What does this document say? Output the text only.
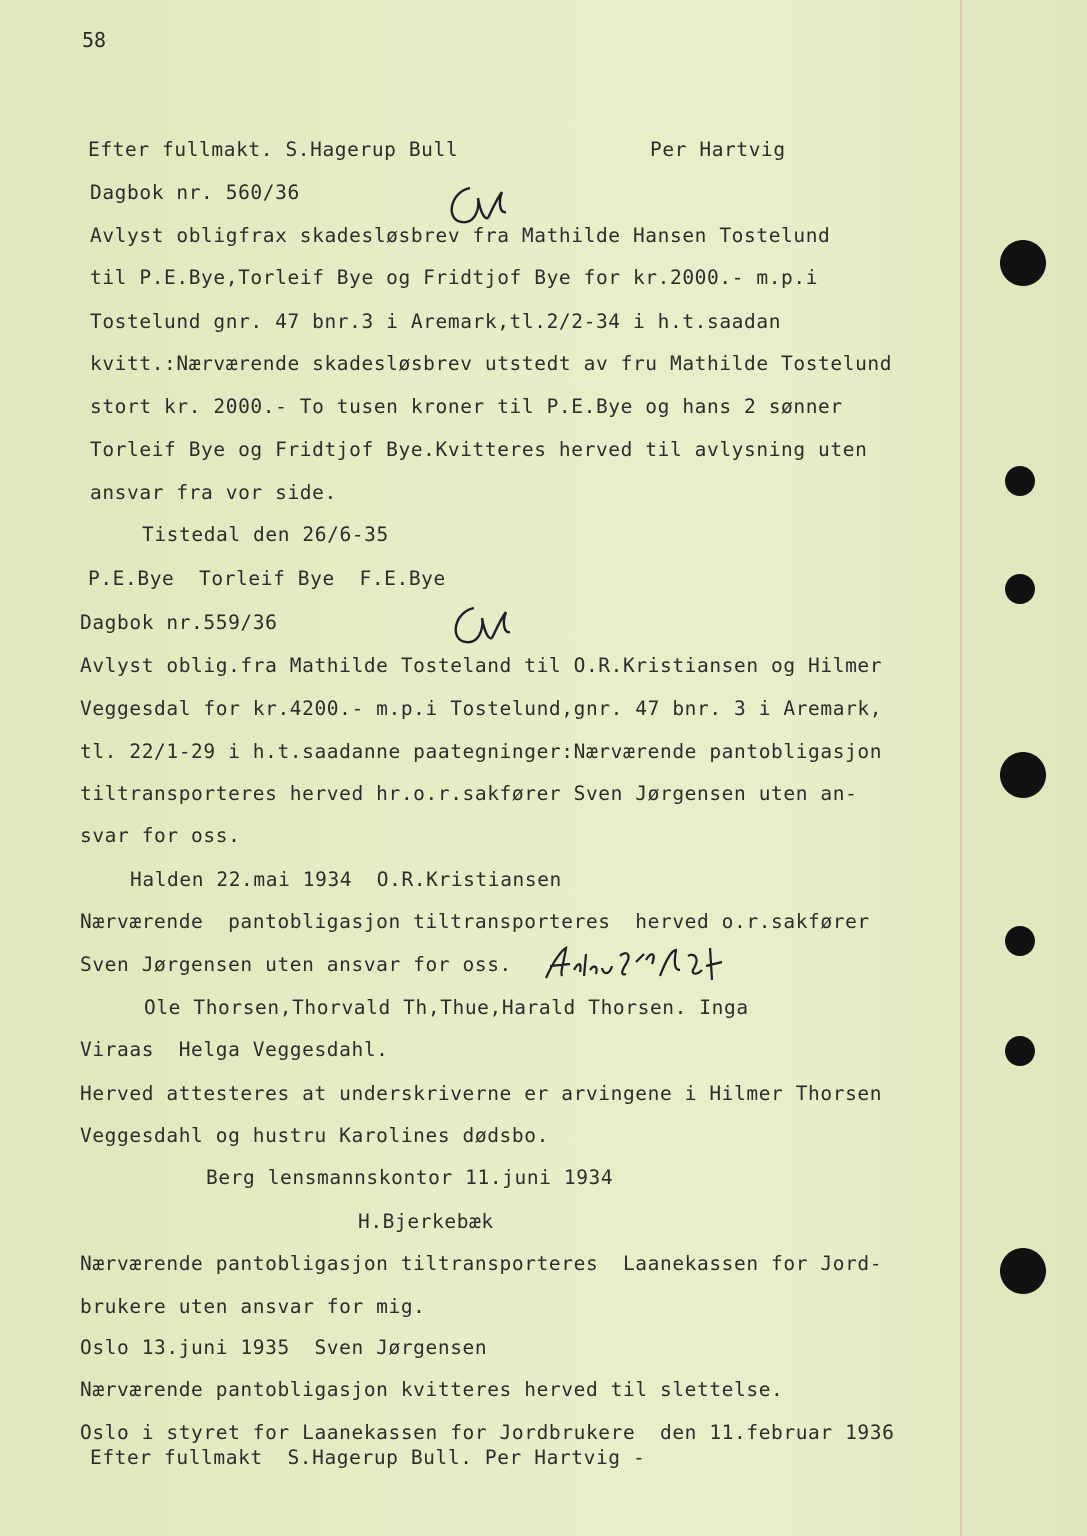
58
Efter fullmakt. S.Hagerup Bull	Per Hartvig
Dagbok nr. 560/36
Avlyst obligfrax skadesløsbrev fra Mathilde Hansen Tostelund
til P.E.Bye,Torleif Bye og Fridtjof Bye for kr.2000.- m.p.i
Tostelund gnr. 47 bnr.3 i Aremark,tl.2/2-34 i h.t.saadan
kvitt.:Nærværende skadesløsbrev utstedt av fru Mathilde Tostelund
stort kr. 2000.- To tusen kroner til P.E.Bye og hans 2 sønner
Torleif Bye og Fridtjof Bye.Kvitteres herved til avlysning uten
ansvar fra vor side.
Tistedal den 26/6-35
P.E.Bye  Torleif Bye  F.E.Bye
Dagbok nr.559/36
Avlyst oblig.fra Mathilde Tosteland til O.R.Kristiansen og Hilmer
Veggesdal for kr.4200.- m.p.i Tostelund,gnr. 47 bnr. 3 i Aremark,
tl. 22/1-29 i h.t.saadanne paategninger:Nærværende pantobligasjon
tiltransporteres herved hr.o.r.sakfører Sven Jørgensen uten an-
svar for oss.
Halden 22.mai 1934  O.R.Kristiansen
Nærværende  pantobligasjon tiltransporteres  herved o.r.sakfører
Sven Jørgensen uten ansvar for oss.
Ole Thorsen,Thorvald Th,Thue,Harald Thorsen. Inga
Viraas  Helga Veggesdahl.
Herved attesteres at underskriverne er arvingene i Hilmer Thorsen
Veggesdahl og hustru Karolines dødsbo.
Berg lensmannskontor 11.juni 1934
H.Bjerkebæk
Nærværende pantobligasjon tiltransporteres  Laanekassen for Jord-
brukere uten ansvar for mig.
Oslo 13.juni 1935  Sven Jørgensen
Nærværende pantobligasjon kvitteres herved til slettelse.
Oslo i styret for Laanekassen for Jordbrukere  den 11.februar 1936
Efter fullmakt  S.Hagerup Bull. Per Hartvig -
